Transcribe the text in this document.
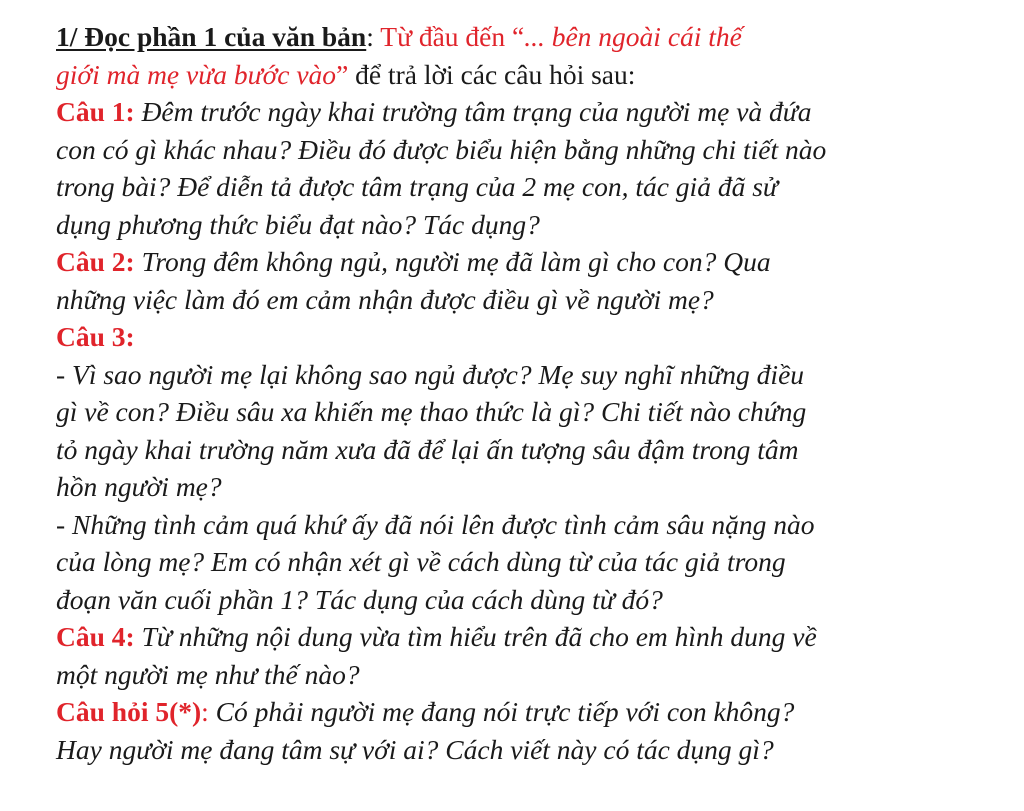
1/ Đọc phần 1 của văn bản: Từ đầu đến “... bên ngoài cái thế
giới mà mẹ vừa bước vào” để trả lời các câu hỏi sau:
Câu 1: Đêm trước ngày khai trường tâm trạng của người mẹ và đứa
con có gì khác nhau? Điều đó được biểu hiện bằng những chi tiết nào
trong bài? Để diễn tả được tâm trạng của 2 mẹ con, tác giả đã sử
dụng phương thức biểu đạt nào? Tác dụng?
Câu 2: Trong đêm không ngủ, người mẹ đã làm gì cho con? Qua
những việc làm đó em cảm nhận được điều gì về người mẹ?
Câu 3:
- Vì sao người mẹ lại không sao ngủ được? Mẹ suy nghĩ những điều
gì về con? Điều sâu xa khiến mẹ thao thức là gì? Chi tiết nào chứng
tỏ ngày khai trường năm xưa đã để lại ấn tượng sâu đậm trong tâm
hồn người mẹ?
- Những tình cảm quá khứ ấy đã nói lên được tình cảm sâu nặng nào
của lòng mẹ? Em có nhận xét gì về cách dùng từ của tác giả trong
đoạn văn cuối phần 1? Tác dụng của cách dùng từ đó?
Câu 4: Từ những nội dung vừa tìm hiểu trên đã cho em hình dung về
một người mẹ như thế nào?
Câu hỏi 5(*): Có phải người mẹ đang nói trực tiếp với con không?
Hay người mẹ đang tâm sự với ai? Cách viết này có tác dụng gì?
